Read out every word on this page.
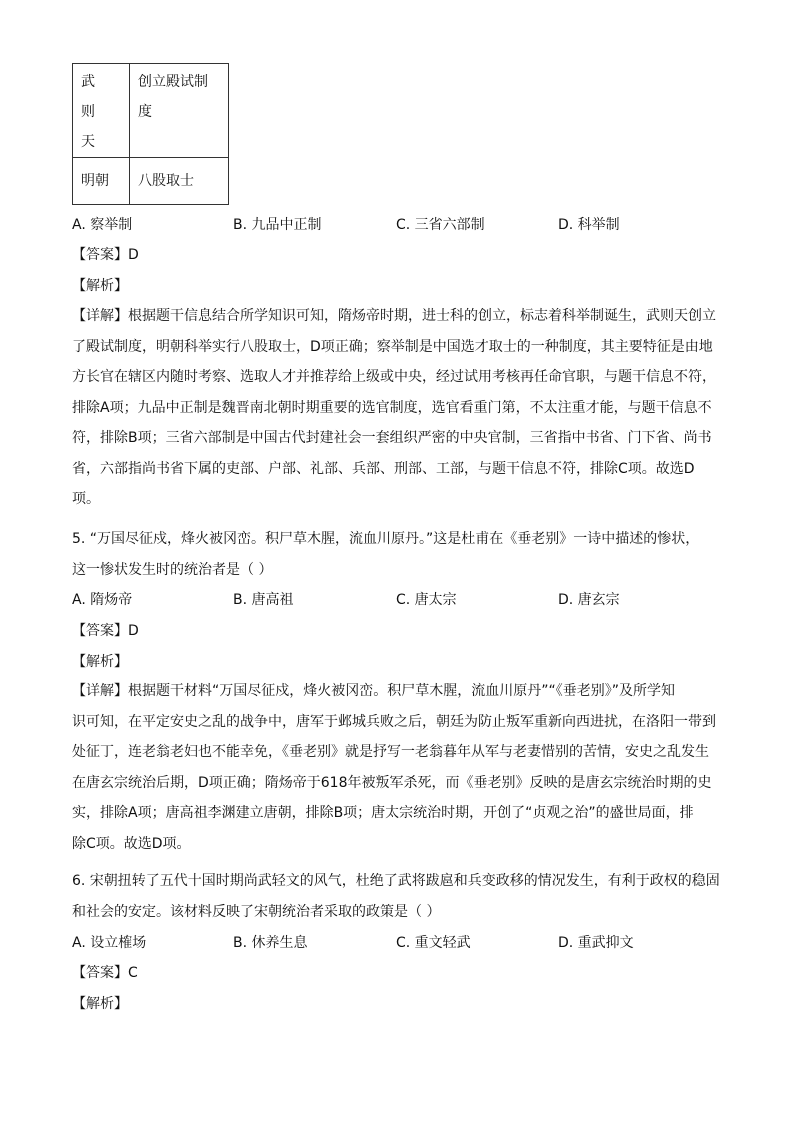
武则天	创立殿试制度
明朝	八股取士
A. 察举制	B. 九品中正制	C. 三省六部制	D. 科举制
【答案】D
【解析】
【详解】根据题干信息结合所学知识可知，隋炀帝时期，进士科的创立，标志着科举制诞生，武则天创立
了殿试制度，明朝科举实行八股取士，D项正确；察举制是中国选才取士的一种制度，其主要特征是由地
方长官在辖区内随时考察、选取人才并推荐给上级或中央，经过试用考核再任命官职，与题干信息不符，
排除A项；九品中正制是魏晋南北朝时期重要的选官制度，选官看重门第，不太注重才能，与题干信息不
符，排除B项；三省六部制是中国古代封建社会一套组织严密的中央官制，三省指中书省、门下省、尚书
省，六部指尚书省下属的吏部、户部、礼部、兵部、刑部、工部，与题干信息不符，排除C项。故选D
项。
5. “万国尽征戍，烽火被冈峦。积尸草木腥，流血川原丹。”这是杜甫在《垂老别》一诗中描述的惨状，
这一惨状发生时的统治者是（ ）
A. 隋炀帝	B. 唐高祖	C. 唐太宗	D. 唐玄宗
【答案】D
【解析】
【详解】根据题干材料“万国尽征戍，烽火被冈峦。积尸草木腥，流血川原丹”“《垂老别》”及所学知
识可知，在平定安史之乱的战争中，唐军于邺城兵败之后，朝廷为防止叛军重新向西进扰，在洛阳一带到
处征丁，连老翁老妇也不能幸免，《垂老别》就是抒写一老翁暮年从军与老妻惜别的苦情，安史之乱发生
在唐玄宗统治后期，D项正确；隋炀帝于618年被叛军杀死，而《垂老别》反映的是唐玄宗统治时期的史
实，排除A项；唐高祖李渊建立唐朝，排除B项；唐太宗统治时期，开创了“贞观之治”的盛世局面，排
除C项。故选D项。
6. 宋朝扭转了五代十国时期尚武轻文的风气，杜绝了武将跋扈和兵变政移的情况发生，有利于政权的稳固
和社会的安定。该材料反映了宋朝统治者采取的政策是（ ）
A. 设立榷场	B. 休养生息	C. 重文轻武	D. 重武抑文
【答案】C
【解析】
